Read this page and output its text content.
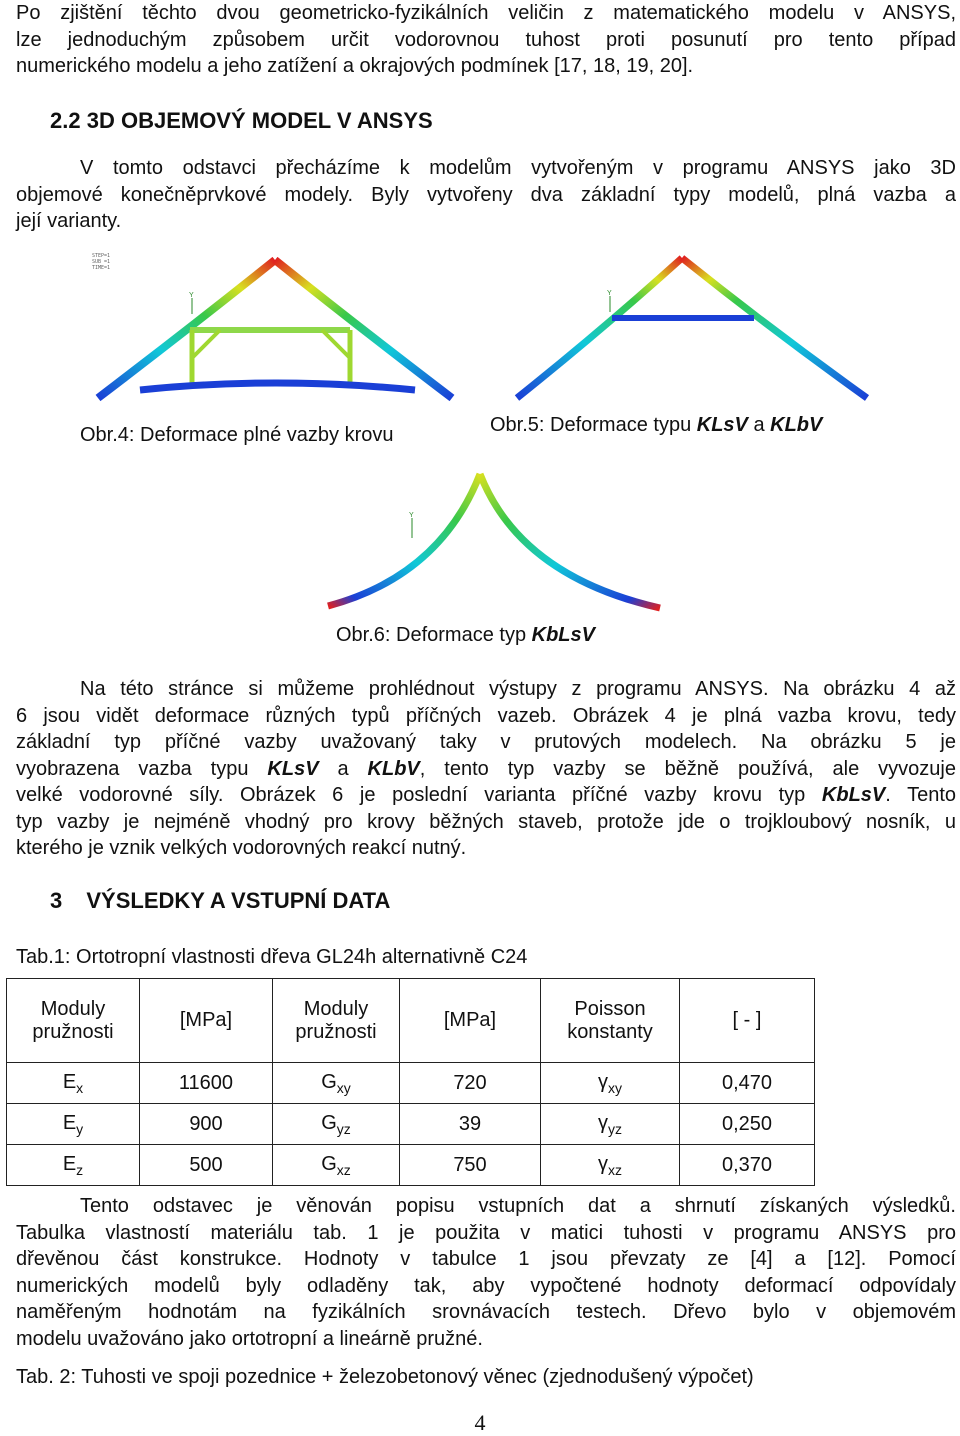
Po zjištění těchto dvou geometricko-fyzikálních veličin z matematického modelu v ANSYS,
lze jednoduchým způsobem určit vodorovnou tuhost proti posunutí pro tento případ
numerického modelu a jeho zatížení a okrajových podmínek [17, 18, 19, 20].
2.2 3D OBJEMOVÝ MODEL V ANSYS
V tomto odstavci přecházíme k modelům vytvořeným v programu ANSYS jako 3D
objemové konečněprvkové modely. Byly vytvořeny dva základní typy modelů, plná vazba a
její varianty.
STEP=1
SUB =1
TIME=1
Y
Obr.4: Deformace plné vazby krovu
Y
Obr.5: Deformace typu KLsV a KLbV
Y
Obr.6: Deformace typ KbLsV
Na této stránce si můžeme prohlédnout výstupy z programu ANSYS. Na obrázku 4 až
6 jsou vidět deformace různých typů příčných vazeb. Obrázek 4 je plná vazba krovu, tedy
základní typ příčné vazby uvažovaný taky v prutových modelech. Na obrázku 5 je
vyobrazena vazba typu KLsV a KLbV, tento typ vazby se běžně používá, ale vyvozuje
velké vodorovné síly. Obrázek 6 je poslední varianta příčné vazby krovu typ KbLsV. Tento
typ vazby je nejméně vhodný pro krovy běžných staveb, protože jde o trojkloubový nosník, u
kterého je vznik velkých vodorovných reakcí nutný.
3 VÝSLEDKY A VSTUPNÍ DATA
Tab.1: Ortotropní vlastnosti dřeva GL24h alternativně C24
Moduly pružnosti	[MPa]	Moduly pružnosti	[MPa]	Poisson konstanty	[ - ]
$E_x$	11600	$G_{xy}$	720	$\gamma_{xy}$	0,470
$E_y$	900	$G_{yz}$	39	$\gamma_{yz}$	0,250
$E_z$	500	$G_{xz}$	750	$\gamma_{xz}$	0,370
Tento odstavec je věnován popisu vstupních dat a shrnutí získaných výsledků.
Tabulka vlastností materiálu tab. 1 je použita v matici tuhosti v programu ANSYS pro
dřevěnou část konstrukce. Hodnoty v tabulce 1 jsou převzaty ze [4] a [12]. Pomocí
numerických modelů byly odladěny tak, aby vypočtené hodnoty deformací odpovídaly
naměřeným hodnotám na fyzikálních srovnávacích testech. Dřevo bylo v objemovém
modelu uvažováno jako ortotropní a lineárně pružné.
Tab. 2: Tuhosti ve spoji pozednice + železobetonový věnec (zjednodušený výpočet)
4
